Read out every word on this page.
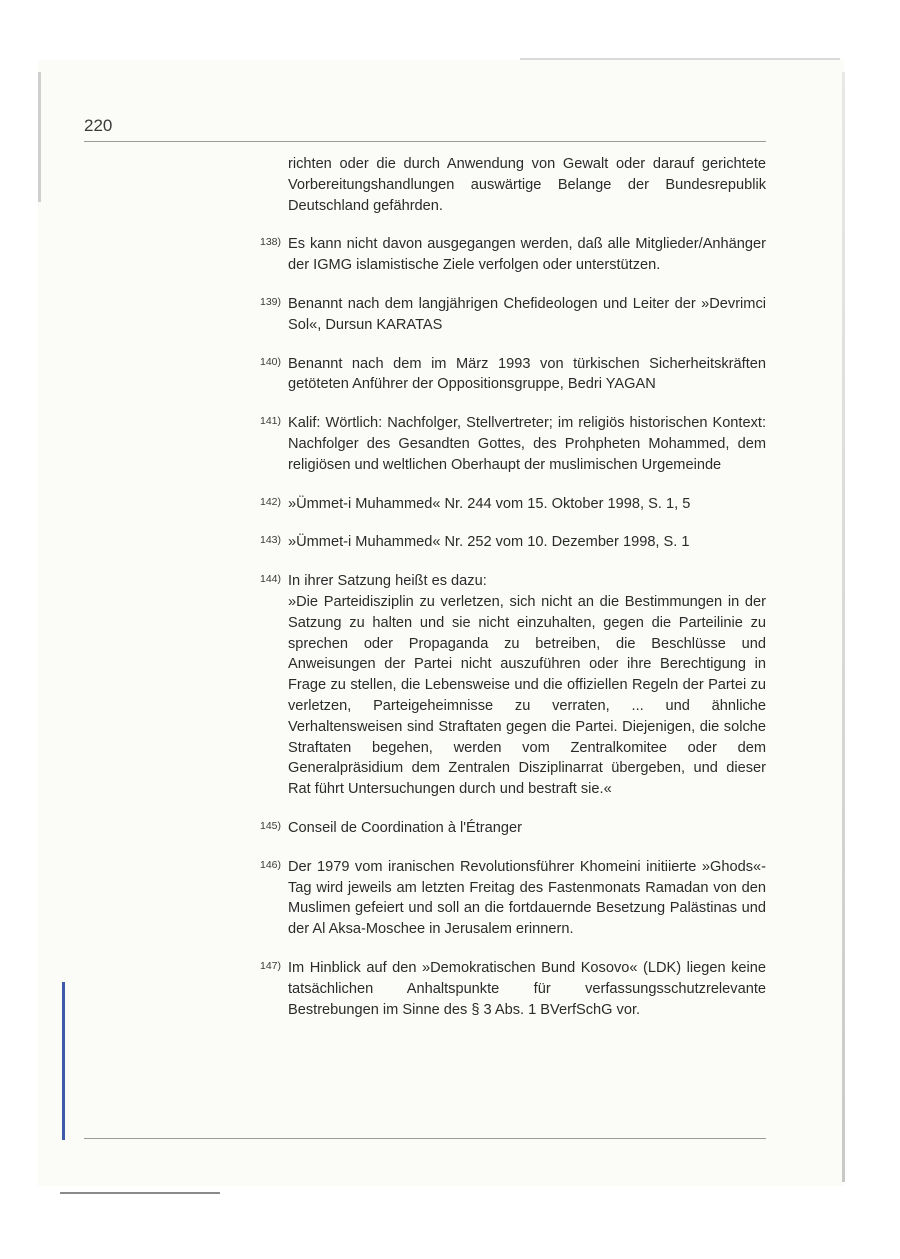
220

richten oder die durch Anwendung von Gewalt oder darauf gerichtete Vorbereitungshandlungen auswärtige Belange der Bundesrepublik Deutschland gefährden.

138) Es kann nicht davon ausgegangen werden, daß alle Mitglieder/Anhänger der IGMG islamistische Ziele verfolgen oder unterstützen.

139) Benannt nach dem langjährigen Chefideologen und Leiter der »Devrimci Sol«, Dursun KARATAS

140) Benannt nach dem im März 1993 von türkischen Sicherheitskräften getöteten Anführer der Oppositionsgruppe, Bedri YAGAN

141) Kalif: Wörtlich: Nachfolger, Stellvertreter; im religiös historischen Kontext: Nachfolger des Gesandten Gottes, des Prohpheten Mohammed, dem religiösen und weltlichen Oberhaupt der muslimischen Urgemeinde

142) »Ümmet-i Muhammed« Nr. 244 vom 15. Oktober 1998, S. 1, 5

143) »Ümmet-i Muhammed« Nr. 252 vom 10. Dezember 1998, S. 1

144) In ihrer Satzung heißt es dazu:

»Die Parteidisziplin zu verletzen, sich nicht an die Bestimmungen in der Satzung zu halten und sie nicht einzuhalten, gegen die Parteilinie zu sprechen oder Propaganda zu betreiben, die Beschlüsse und Anweisungen der Partei nicht auszuführen oder ihre Berechtigung in Frage zu stellen, die Lebensweise und die offiziellen Regeln der Partei zu verletzen, Parteigeheimnisse zu verraten, ... und ähnliche Verhaltensweisen sind Straftaten gegen die Partei. Diejenigen, die solche Straftaten begehen, werden vom Zentralkomitee oder dem Generalpräsidium dem Zentralen Disziplinarrat übergeben, und dieser Rat führt Untersuchungen durch und bestraft sie.«

145) Conseil de Coordination à l'Étranger

146) Der 1979 vom iranischen Revolutionsführer Khomeini initiierte »Ghods«-Tag wird jeweils am letzten Freitag des Fastenmonats Ramadan von den Muslimen gefeiert und soll an die fortdauernde Besetzung Palästinas und der Al Aksa-Moschee in Jerusalem erinnern.

147) Im Hinblick auf den »Demokratischen Bund Kosovo« (LDK) liegen keine tatsächlichen Anhaltspunkte für verfassungsschutzrelevante Bestrebungen im Sinne des § 3 Abs. 1 BVerfSchG vor.
